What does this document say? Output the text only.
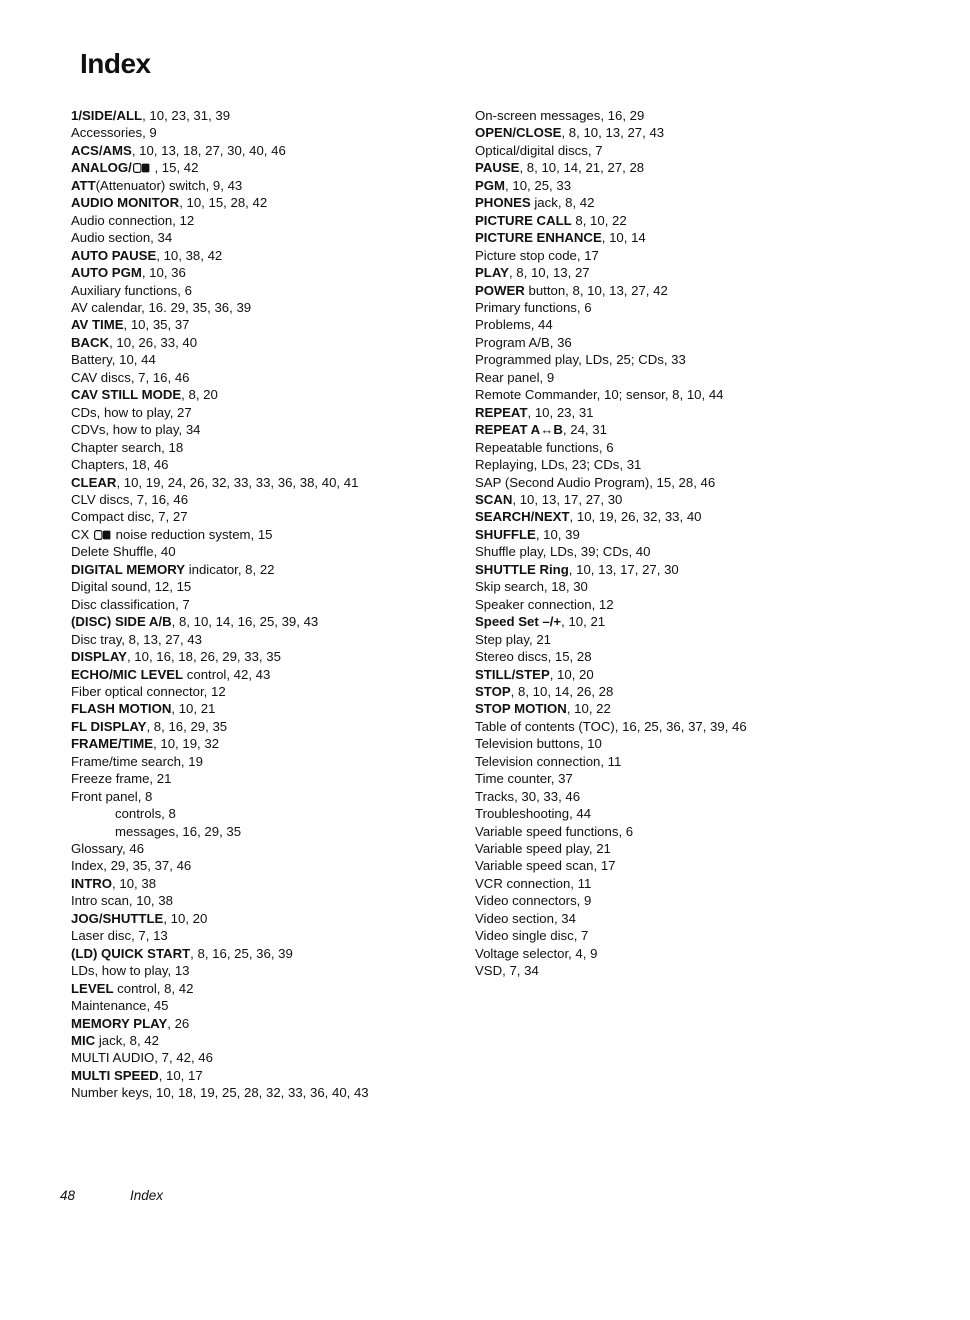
Index
1/SIDE/ALL, 10, 23, 31, 39
Accessories, 9
ACS/AMS, 10, 13, 18, 27, 30, 40, 46
ANALOG/ , 15, 42
ATT(Attenuator) switch, 9, 43
AUDIO MONITOR, 10, 15, 28, 42
Audio connection, 12
Audio section, 34
AUTO PAUSE, 10, 38, 42
AUTO PGM, 10, 36
Auxiliary functions, 6
AV calendar, 16. 29, 35, 36, 39
AV TIME, 10, 35, 37
BACK, 10, 26, 33, 40
Battery, 10, 44
CAV discs, 7, 16, 46
CAV STILL MODE, 8, 20
CDs, how to play, 27
CDVs, how to play, 34
Chapter search, 18
Chapters, 18, 46
CLEAR, 10, 19, 24, 26, 32, 33, 33, 36, 38, 40, 41
CLV discs, 7, 16, 46
Compact disc, 7, 27
CX  noise reduction system, 15
Delete Shuffle, 40
DIGITAL MEMORY indicator, 8, 22
Digital sound, 12, 15
Disc classification, 7
(DISC) SIDE A/B, 8, 10, 14, 16, 25, 39, 43
Disc tray, 8, 13, 27, 43
DISPLAY, 10, 16, 18, 26, 29, 33, 35
ECHO/MIC LEVEL control, 42, 43
Fiber optical connector, 12
FLASH MOTION, 10, 21
FL DISPLAY, 8, 16, 29, 35
FRAME/TIME, 10, 19, 32
Frame/time search, 19
Freeze frame, 21
Front panel, 8
controls, 8
messages, 16, 29, 35
Glossary, 46
Index, 29, 35, 37, 46
INTRO, 10, 38
Intro scan, 10, 38
JOG/SHUTTLE, 10, 20
Laser disc, 7, 13
(LD) QUICK START, 8, 16, 25, 36, 39
LDs, how to play, 13
LEVEL control, 8, 42
Maintenance, 45
MEMORY PLAY, 26
MIC jack, 8, 42
MULTI AUDIO, 7, 42, 46
MULTI SPEED, 10, 17
Number keys, 10, 18, 19, 25, 28, 32, 33, 36, 40, 43
On-screen messages, 16, 29
OPEN/CLOSE, 8, 10, 13, 27, 43
Optical/digital discs, 7
PAUSE, 8, 10, 14, 21, 27, 28
PGM, 10, 25, 33
PHONES jack, 8, 42
PICTURE CALL 8, 10, 22
PICTURE ENHANCE, 10, 14
Picture stop code, 17
PLAY, 8, 10, 13, 27
POWER button, 8, 10, 13, 27, 42
Primary functions, 6
Problems, 44
Program A/B, 36
Programmed play, LDs, 25; CDs, 33
Rear panel, 9
Remote Commander, 10; sensor, 8, 10, 44
REPEAT, 10, 23, 31
REPEAT A↔B, 24, 31
Repeatable functions, 6
Replaying, LDs, 23; CDs, 31
SAP (Second Audio Program), 15, 28, 46
SCAN, 10, 13, 17, 27, 30
SEARCH/NEXT, 10, 19, 26, 32, 33, 40
SHUFFLE, 10, 39
Shuffle play, LDs, 39; CDs, 40
SHUTTLE Ring, 10, 13, 17, 27, 30
Skip search, 18, 30
Speaker connection, 12
Speed Set –/+, 10, 21
Step play, 21
Stereo discs, 15, 28
STILL/STEP, 10, 20
STOP, 8, 10, 14, 26, 28
STOP MOTION, 10, 22
Table of contents (TOC), 16, 25, 36, 37, 39, 46
Television buttons, 10
Television connection, 11
Time counter, 37
Tracks, 30, 33, 46
Troubleshooting, 44
Variable speed functions, 6
Variable speed play, 21
Variable speed scan, 17
VCR connection, 11
Video connectors, 9
Video section, 34
Video single disc, 7
Voltage selector, 4, 9
VSD, 7, 34
48	Index
